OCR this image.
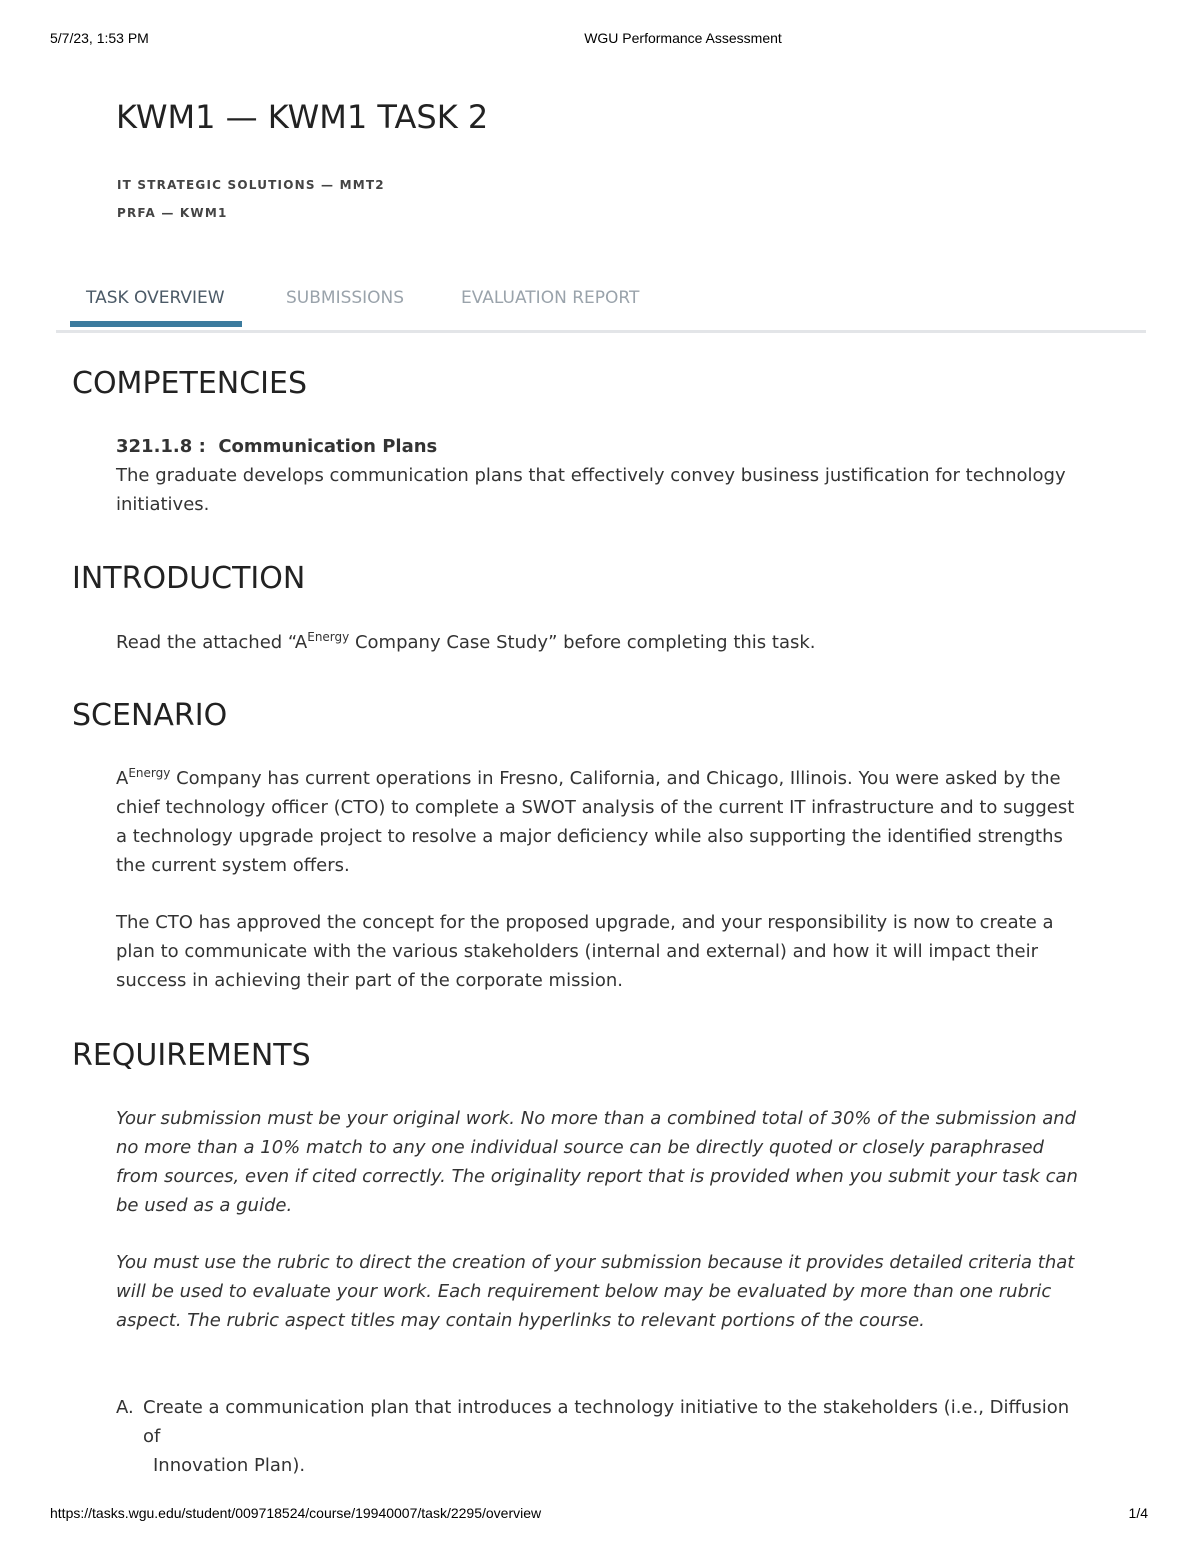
5/7/23, 1:53 PM	WGU Performance Assessment
KWM1 — KWM1 TASK 2
IT STRATEGIC SOLUTIONS — MMT2
PRFA — KWM1
TASK OVERVIEW	SUBMISSIONS	EVALUATION REPORT
COMPETENCIES
321.1.8 : Communication Plans
The graduate develops communication plans that effectively convey business justification for technology initiatives.
INTRODUCTION

Read the attached “$A^{Energy}$ Company Case Study” before completing this task.

SCENARIO

$A^{Energy}$ Company has current operations in Fresno, California, and Chicago, Illinois. You were asked by the chief technology officer (CTO) to complete a SWOT analysis of the current IT infrastructure and to suggest a technology upgrade project to resolve a major deficiency while also supporting the identified strengths the current system offers.

The CTO has approved the concept for the proposed upgrade, and your responsibility is now to create a plan to communicate with the various stakeholders (internal and external) and how it will impact their success in achieving their part of the corporate mission.

REQUIREMENTS

Your submission must be your original work. No more than a combined total of 30% of the submission and no more than a 10% match to any one individual source can be directly quoted or closely paraphrased from sources, even if cited correctly. The originality report that is provided when you submit your task can be used as a guide.

You must use the rubric to direct the creation of your submission because it provides detailed criteria that will be used to evaluate your work. Each requirement below may be evaluated by more than one rubric aspect. The rubric aspect titles may contain hyperlinks to relevant portions of the course.

A. Create a communication plan that introduces a technology initiative to the stakeholders (i.e., Diffusion of
Innovation Plan).
https://tasks.wgu.edu/student/009718524/course/19940007/task/2295/overview	1/4
